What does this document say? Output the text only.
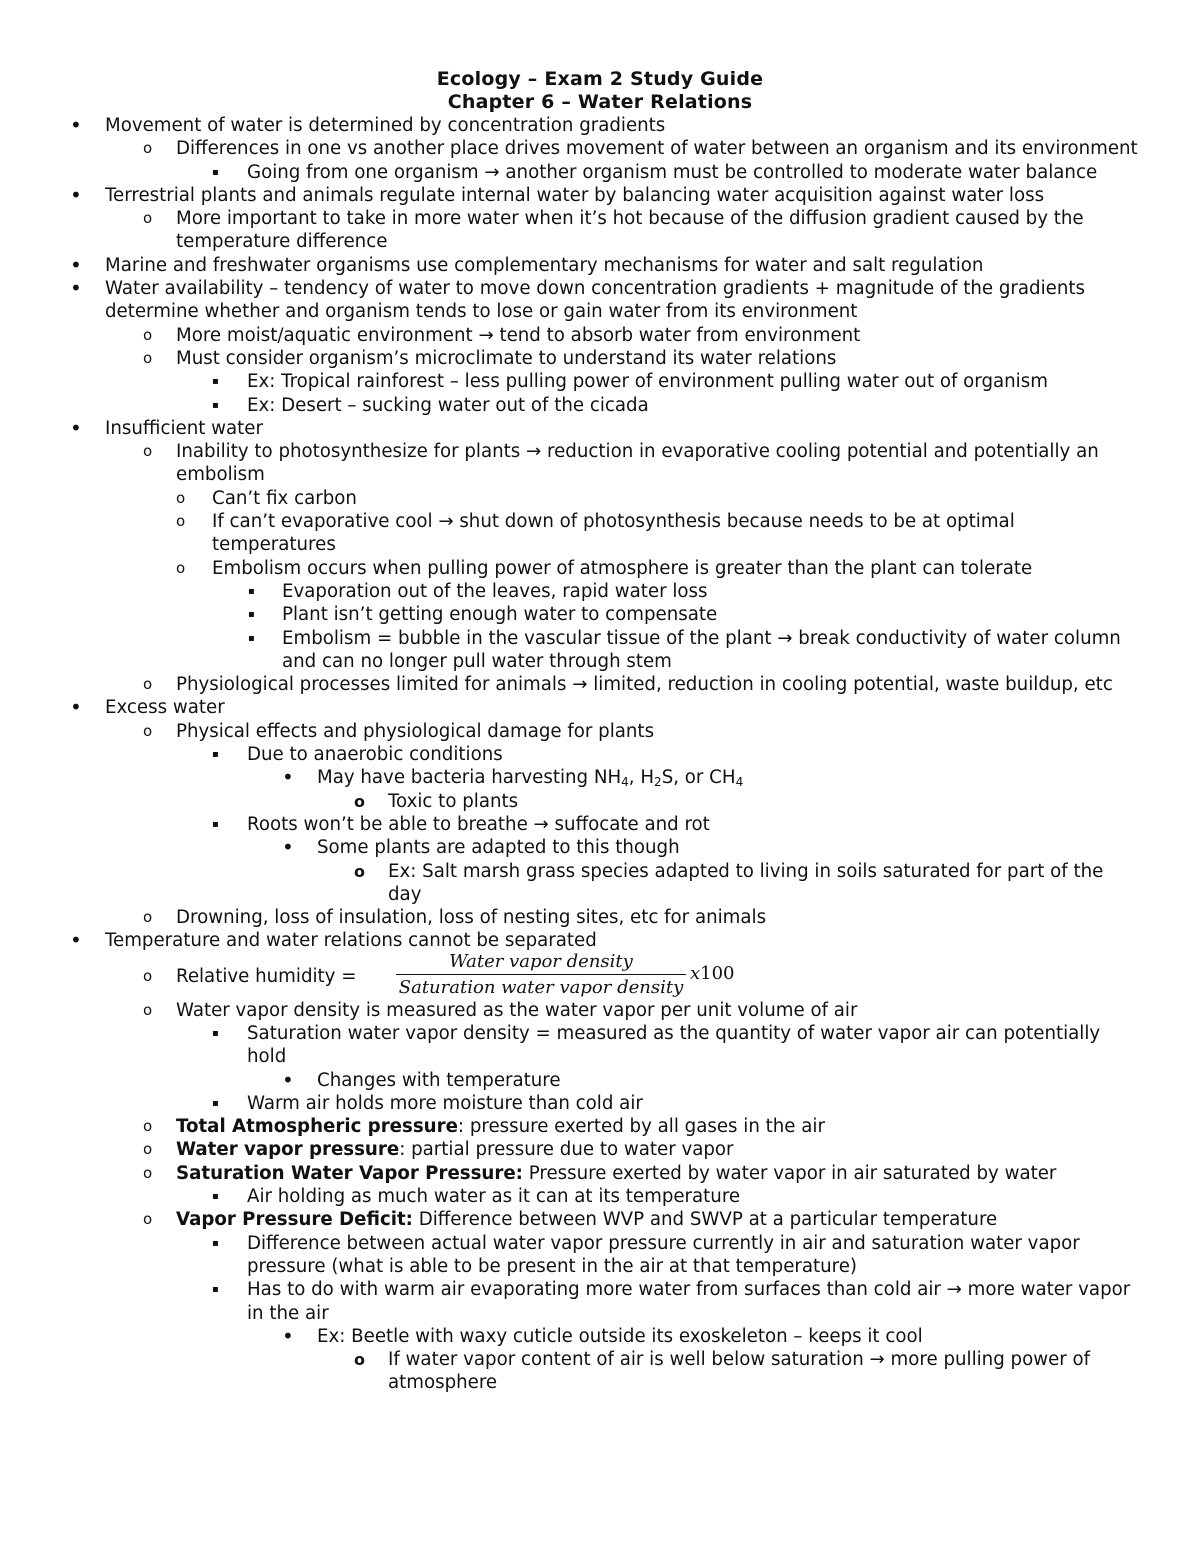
Ecology – Exam 2 Study Guide
Chapter 6 – Water Relations
• Movement of water is determined by concentration gradients
o Differences in one vs another place drives movement of water between an organism and its environment
▪ Going from one organism → another organism must be controlled to moderate water balance
• Terrestrial plants and animals regulate internal water by balancing water acquisition against water loss
o More important to take in more water when it’s hot because of the diffusion gradient caused by the temperature difference
• Marine and freshwater organisms use complementary mechanisms for water and salt regulation
• Water availability – tendency of water to move down concentration gradients + magnitude of the gradients determine whether and organism tends to lose or gain water from its environment
o More moist/aquatic environment → tend to absorb water from environment
o Must consider organism’s microclimate to understand its water relations
▪ Ex: Tropical rainforest – less pulling power of environment pulling water out of organism
▪ Ex: Desert – sucking water out of the cicada
• Insufficient water
o Inability to photosynthesize for plants → reduction in evaporative cooling potential and potentially an embolism
o Can’t fix carbon
o If can’t evaporative cool → shut down of photosynthesis because needs to be at optimal temperatures
o Embolism occurs when pulling power of atmosphere is greater than the plant can tolerate
▪ Evaporation out of the leaves, rapid water loss
▪ Plant isn’t getting enough water to compensate
▪ Embolism = bubble in the vascular tissue of the plant → break conductivity of water column and can no longer pull water through stem
o Physiological processes limited for animals → limited, reduction in cooling potential, waste buildup, etc
• Excess water
o Physical effects and physiological damage for plants
▪ Due to anaerobic conditions
• May have bacteria harvesting $NH_4$, $H_2S$, or $CH_4$
o Toxic to plants
▪ Roots won’t be able to breathe → suffocate and rot
• Some plants are adapted to this though
o Ex: Salt marsh grass species adapted to living in soils saturated for part of the day
o Drowning, loss of insulation, loss of nesting sites, etc for animals
• Temperature and water relations cannot be separated
o Relative humidity =
Water vapor density
Saturation water vapor density
x100
o Water vapor density is measured as the water vapor per unit volume of air
▪ Saturation water vapor density = measured as the quantity of water vapor air can potentially hold
• Changes with temperature
▪ Warm air holds more moisture than cold air
o Total Atmospheric pressure: pressure exerted by all gases in the air
o Water vapor pressure: partial pressure due to water vapor
o Saturation Water Vapor Pressure: Pressure exerted by water vapor in air saturated by water
▪ Air holding as much water as it can at its temperature
o Vapor Pressure Deficit: Difference between WVP and SWVP at a particular temperature
▪ Difference between actual water vapor pressure currently in air and saturation water vapor pressure (what is able to be present in the air at that temperature)
▪ Has to do with warm air evaporating more water from surfaces than cold air → more water vapor in the air
• Ex: Beetle with waxy cuticle outside its exoskeleton – keeps it cool
o If water vapor content of air is well below saturation → more pulling power of atmosphere
